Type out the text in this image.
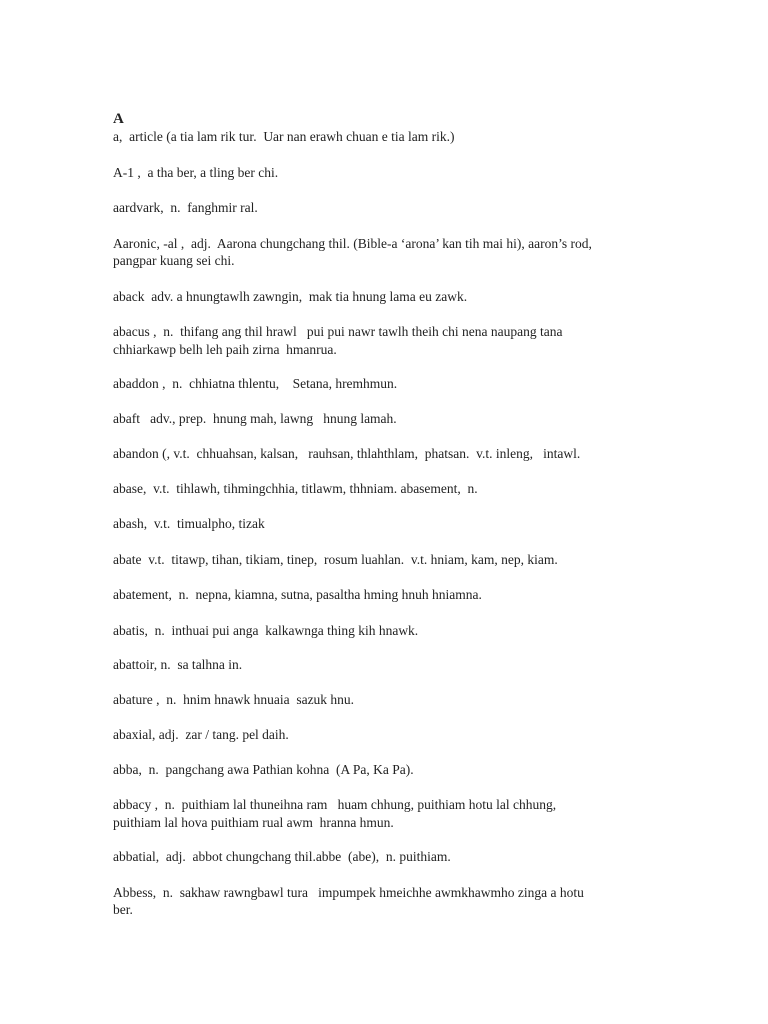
A
a,  article (a tia lam rik tur.  Uar nan erawh chuan e tia lam rik.)
A-1 ,  a tha ber, a tling ber chi.
aardvark,  n.  fanghmir ral.
Aaronic, -al ,  adj.  Aarona chungchang thil. (Bible-a ‘arona’ kan tih mai hi), aaron’s rod,
pangpar kuang sei chi.
aback  adv. a hnungtawlh zawngin,  mak tia hnung lama eu zawk.
abacus ,  n.  thifang ang thil hrawl   pui pui nawr tawlh theih chi nena naupang tana
chhiarkawp belh leh paih zirna  hmanrua.
abaddon ,  n.  chhiatna thlentu,    Setana, hremhmun.
abaft   adv., prep.  hnung mah, lawng   hnung lamah.
abandon (, v.t.  chhuahsan, kalsan,   rauhsan, thlahthlam,  phatsan.  v.t. inleng,   intawl.
abase,  v.t.  tihlawh, tihmingchhia, titlawm, thhniam. abasement,  n.
abash,  v.t.  timualpho, tizak
abate  v.t.  titawp, tihan, tikiam, tinep,  rosum luahlan.  v.t. hniam, kam, nep, kiam.
abatement,  n.  nepna, kiamna, sutna, pasaltha hming hnuh hniamna.
abatis,  n.  inthuai pui anga  kalkawnga thing kih hnawk.
abattoir, n.  sa talhna in.
abature ,  n.  hnim hnawk hnuaia  sazuk hnu.
abaxial, adj.  zar / tang. pel daih.
abba,  n.  pangchang awa Pathian kohna  (A Pa, Ka Pa).
abbacy ,  n.  puithiam lal thuneihna ram   huam chhung, puithiam hotu lal chhung,
puithiam lal hova puithiam rual awm  hranna hmun.
abbatial,  adj.  abbot chungchang thil.abbe  (abe),  n. puithiam.
Abbess,  n.  sakhaw rawngbawl tura   impumpek hmeichhe awmkhawmho zinga a hotu
ber.
